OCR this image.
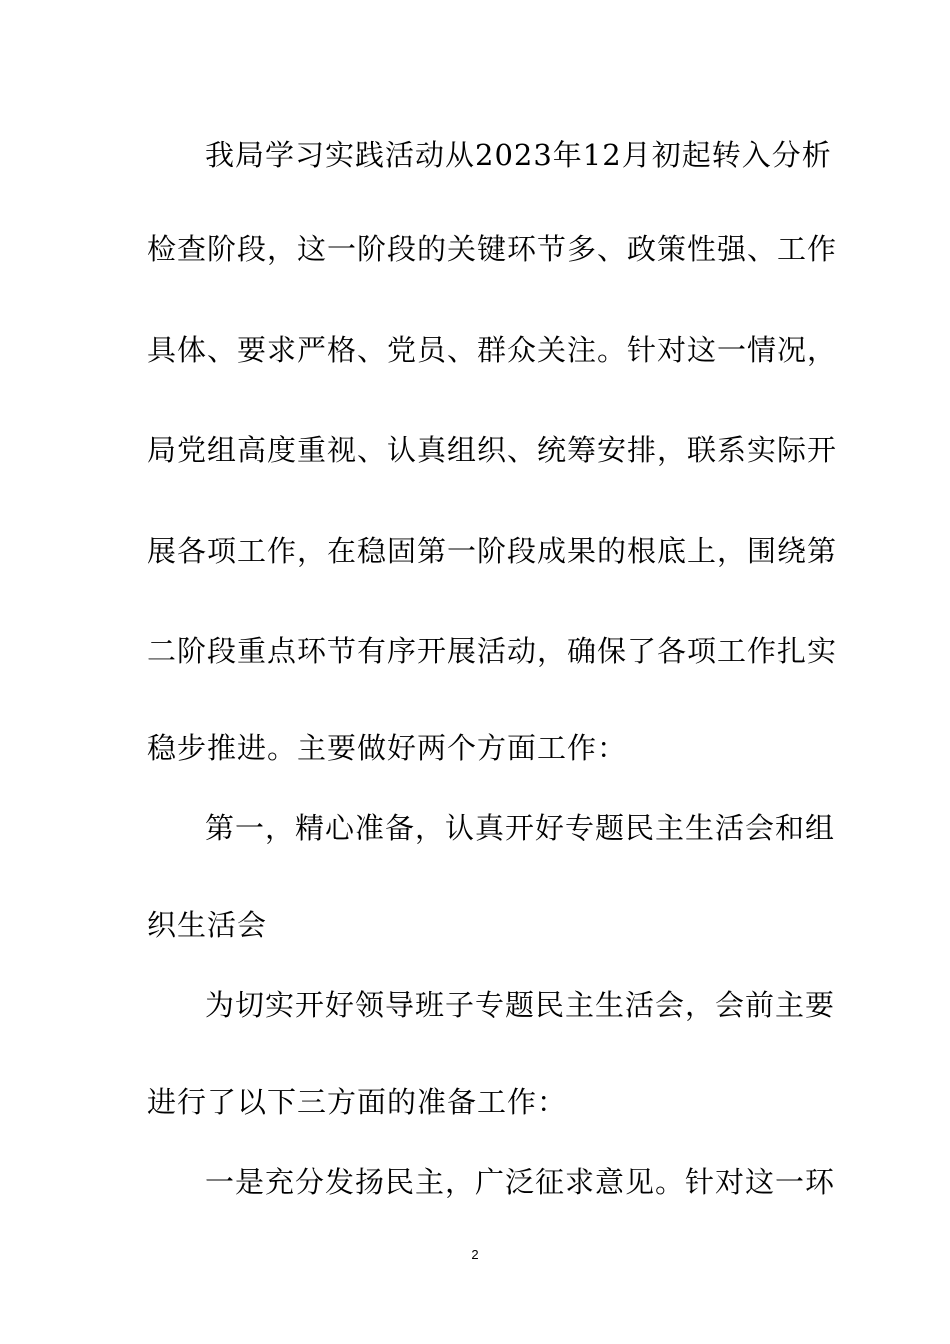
我局学习实践活动从2023年12月初起转入分析
检查阶段，这一阶段的关键环节多、政策性强、工作
具体、要求严格、党员、群众关注。针对这一情况，
局党组高度重视、认真组织、统筹安排，联系实际开
展各项工作，在稳固第一阶段成果的根底上，围绕第
二阶段重点环节有序开展活动，确保了各项工作扎实
稳步推进。主要做好两个方面工作：
第一，精心准备，认真开好专题民主生活会和组
织生活会
为切实开好领导班子专题民主生活会，会前主要
进行了以下三方面的准备工作：
一是充分发扬民主，广泛征求意见。针对这一环
2
